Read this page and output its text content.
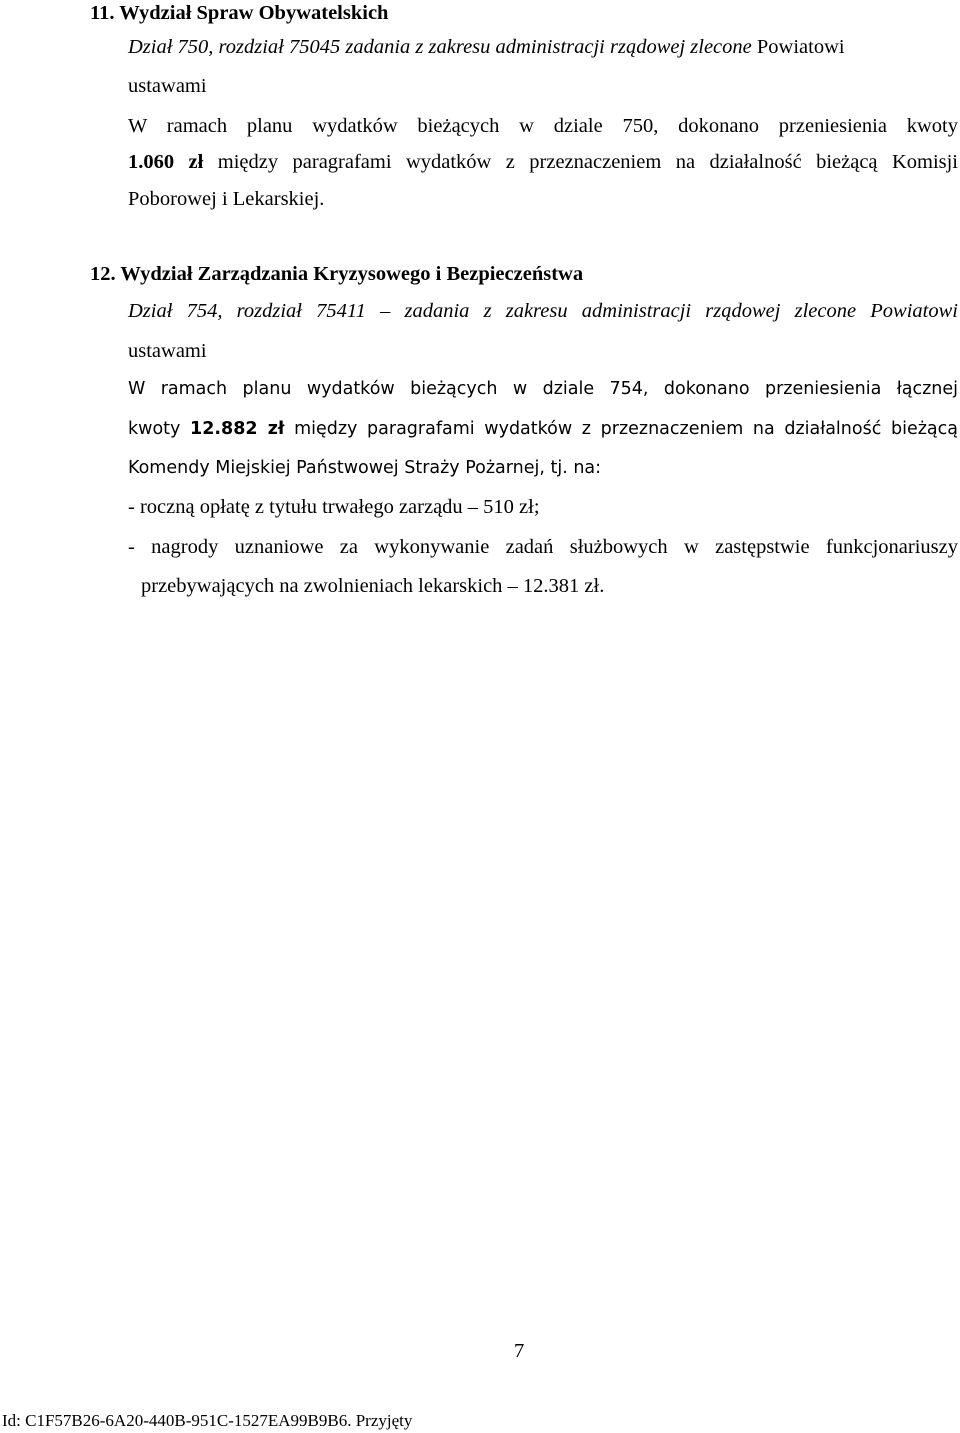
11. Wydział Spraw Obywatelskich
Dział 750, rozdział 75045 zadania z zakresu administracji rządowej zlecone Powiatowi
ustawami
W ramach planu wydatków bieżących w dziale 750, dokonano przeniesienia kwoty
1.060 zł między paragrafami wydatków z przeznaczeniem na działalność bieżącą Komisji
Poborowej i Lekarskiej.
12. Wydział Zarządzania Kryzysowego i Bezpieczeństwa
Dział 754, rozdział 75411 – zadania z zakresu administracji rządowej zlecone Powiatowi
ustawami
W ramach planu wydatków bieżących w dziale 754, dokonano przeniesienia łącznej
kwoty 12.882 zł między paragrafami wydatków z przeznaczeniem na działalność bieżącą
Komendy Miejskiej Państwowej Straży Pożarnej, tj. na:
- roczną opłatę z tytułu trwałego zarządu – 510 zł;
- nagrody uznaniowe za wykonywanie zadań służbowych w zastępstwie funkcjonariuszy
przebywających na zwolnieniach lekarskich – 12.381 zł.
7
Id: C1F57B26-6A20-440B-951C-1527EA99B9B6. Przyjęty
